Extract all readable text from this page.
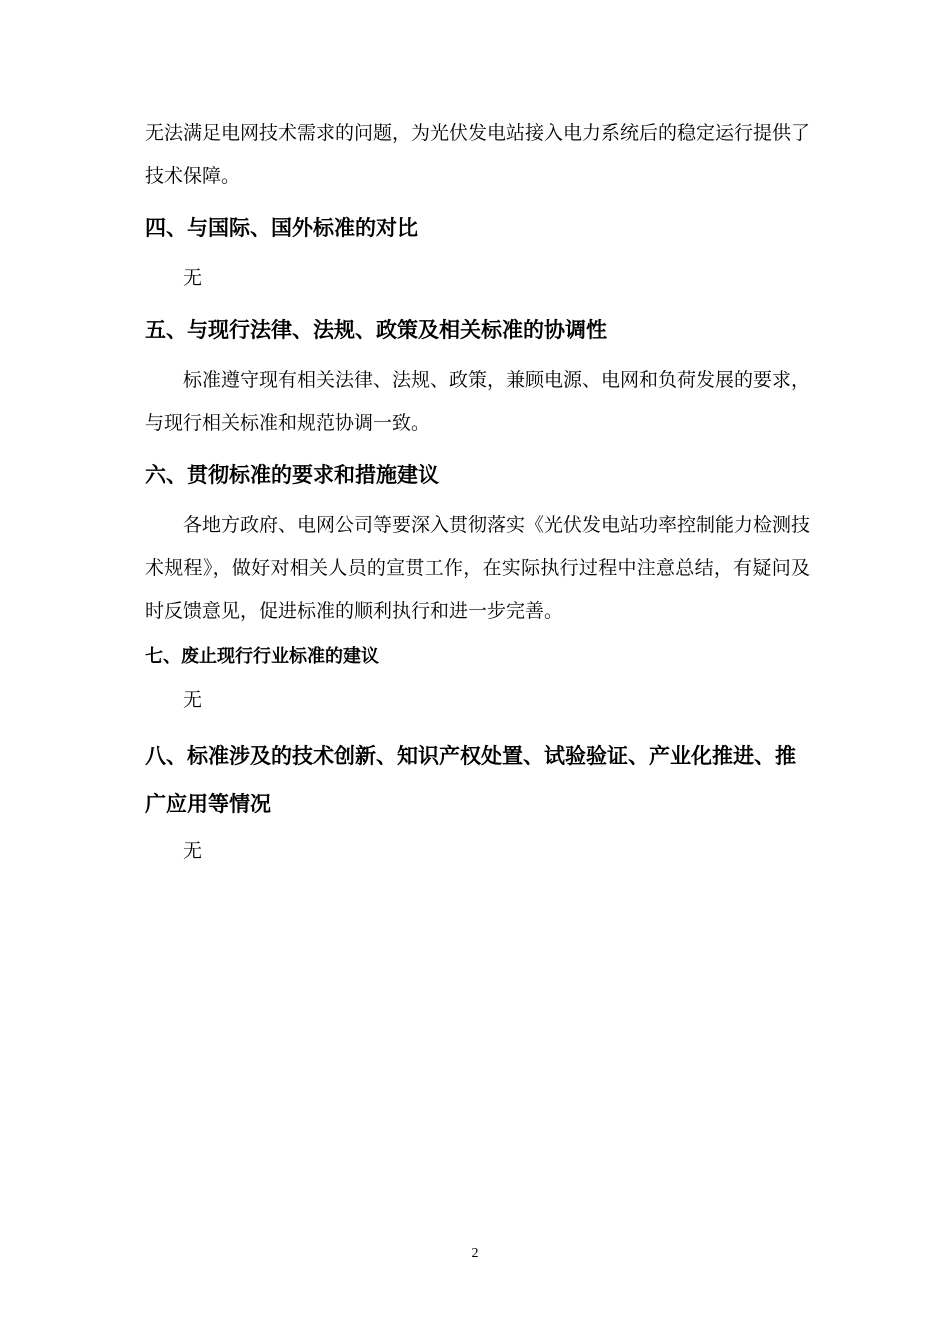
无法满足电网技术需求的问题，为光伏发电站接入电力系统后的稳定运行提供了技术保障。

四、与国际、国外标准的对比

无

五、与现行法律、法规、政策及相关标准的协调性

标准遵守现有相关法律、法规、政策，兼顾电源、电网和负荷发展的要求，与现行相关标准和规范协调一致。

六、贯彻标准的要求和措施建议

各地方政府、电网公司等要深入贯彻落实《光伏发电站功率控制能力检测技术规程》，做好对相关人员的宣贯工作，在实际执行过程中注意总结，有疑问及时反馈意见，促进标准的顺利执行和进一步完善。

七、废止现行行业标准的建议

无

八、标准涉及的技术创新、知识产权处置、试验验证、产业化推进、推广应用等情况

无

2
